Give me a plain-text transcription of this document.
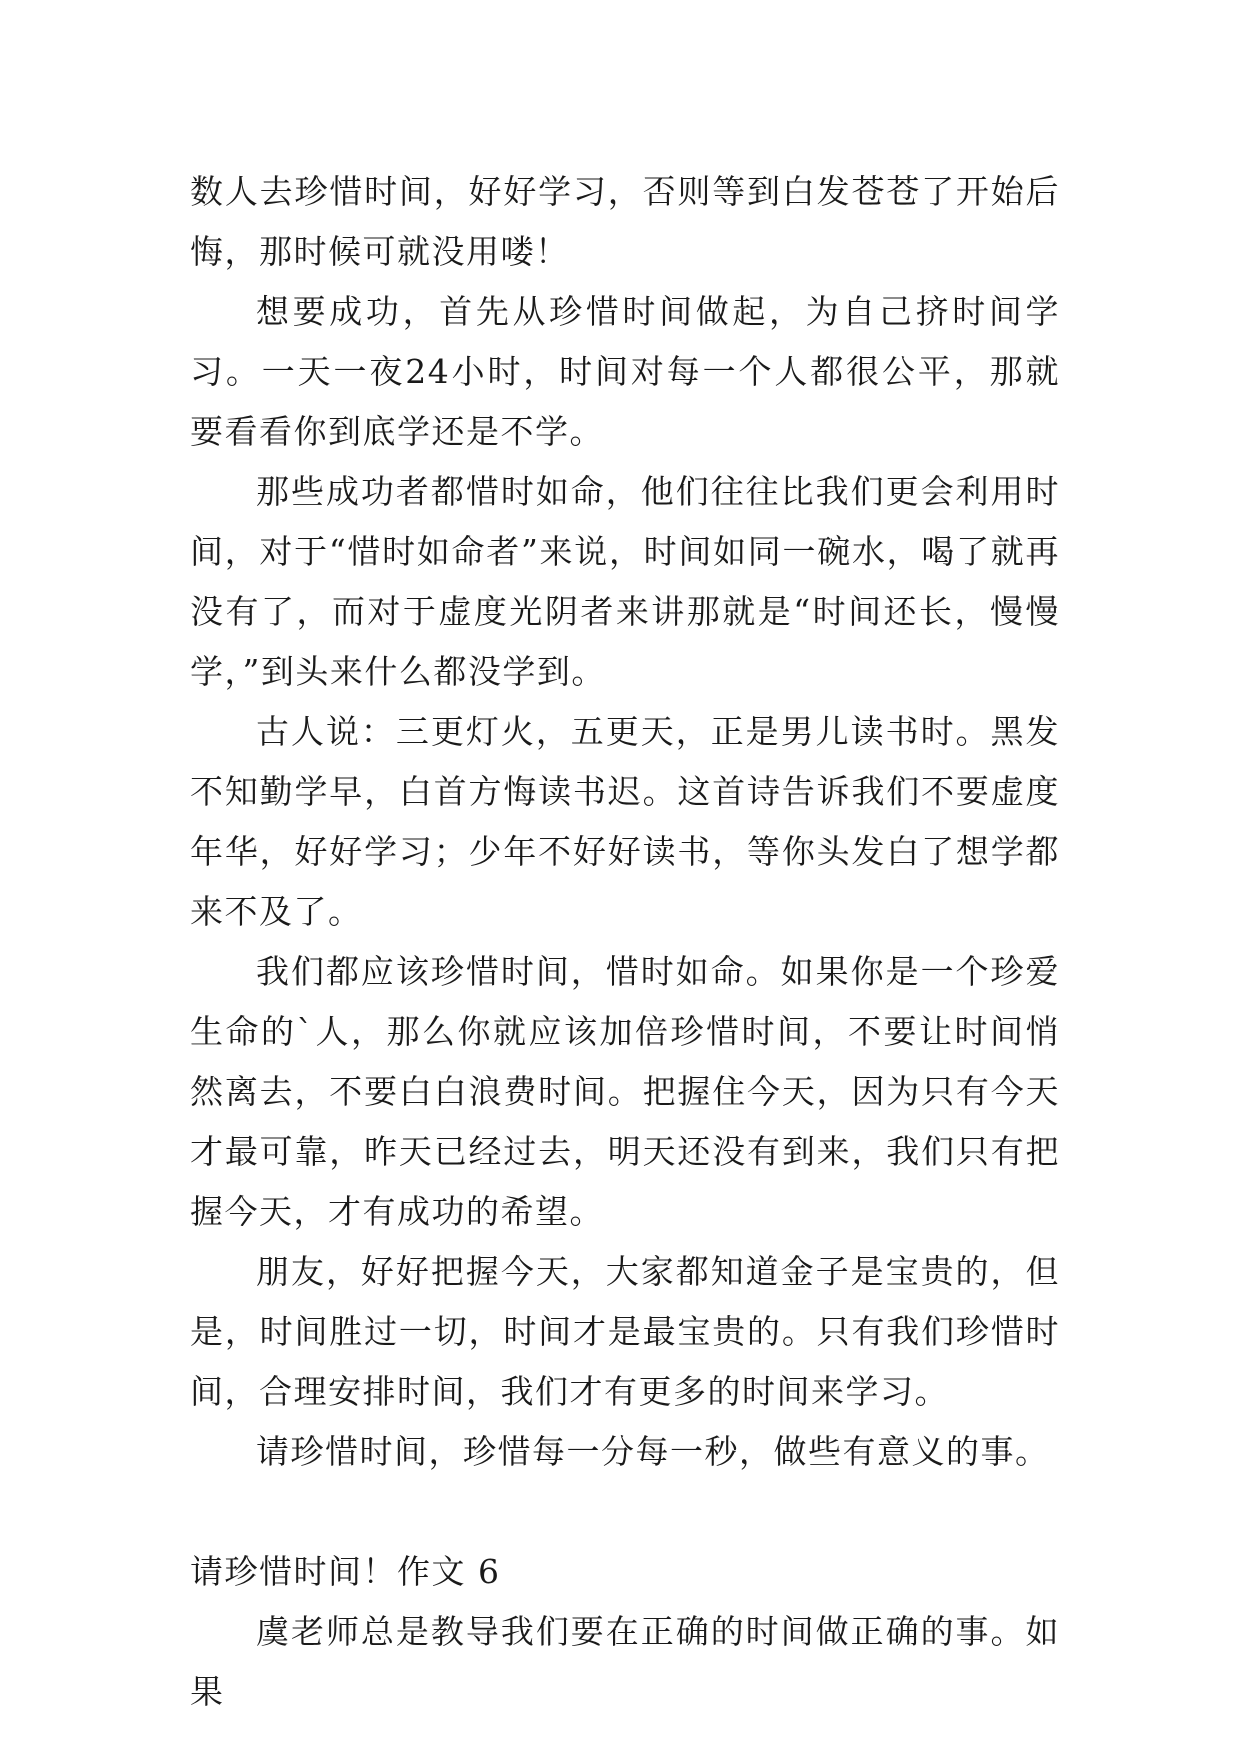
数人去珍惜时间，好好学习，否则等到白发苍苍了开始后悔，那时候可就没用喽！

想要成功，首先从珍惜时间做起，为自己挤时间学习。一天一夜24小时，时间对每一个人都很公平，那就要看看你到底学还是不学。

那些成功者都惜时如命，他们往往比我们更会利用时间，对于“惜时如命者”来说，时间如同一碗水，喝了就再没有了，而对于虚度光阴者来讲那就是“时间还长，慢慢学，”到头来什么都没学到。

古人说：三更灯火，五更天，正是男儿读书时。黑发不知勤学早，白首方悔读书迟。这首诗告诉我们不要虚度年华，好好学习；少年不好好读书，等你头发白了想学都来不及了。

我们都应该珍惜时间，惜时如命。如果你是一个珍爱生命的`人，那么你就应该加倍珍惜时间，不要让时间悄然离去，不要白白浪费时间。把握住今天，因为只有今天才最可靠，昨天已经过去，明天还没有到来，我们只有把握今天，才有成功的希望。

朋友，好好把握今天，大家都知道金子是宝贵的，但是，时间胜过一切，时间才是最宝贵的。只有我们珍惜时间，合理安排时间，我们才有更多的时间来学习。

请珍惜时间，珍惜每一分每一秒，做些有意义的事。

请珍惜时间！作文 6

虞老师总是教导我们要在正确的时间做正确的事。如果
